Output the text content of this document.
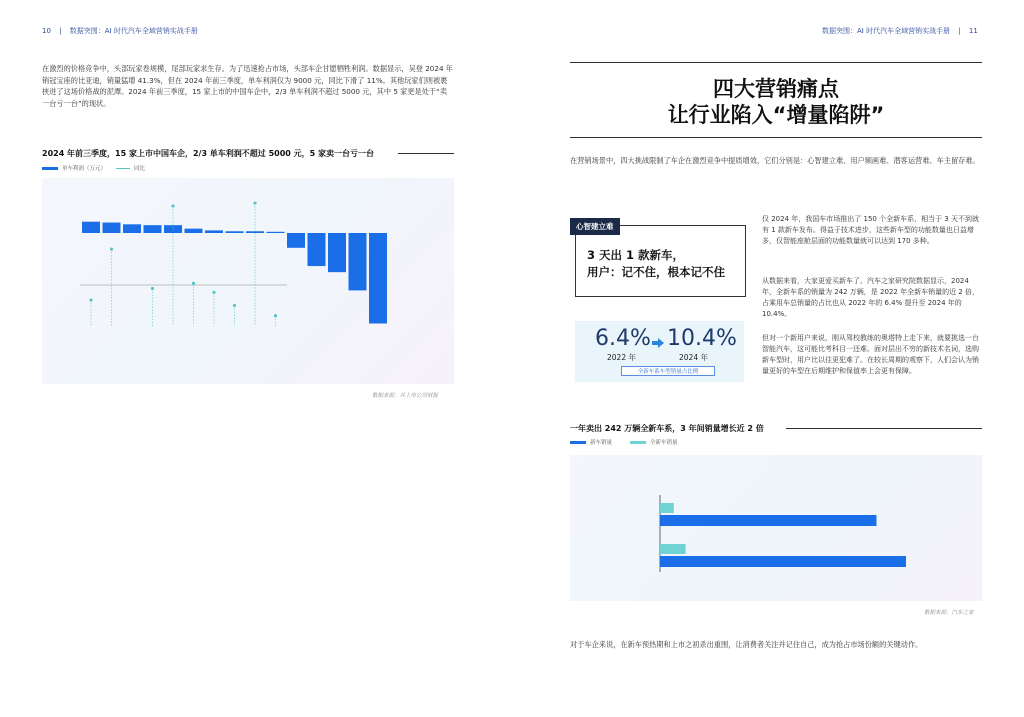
10 | 数据突围：AI 时代汽车全域营销实战手册
在激烈的价格竞争中，头部玩家卷规模，尾部玩家求生存。为了迅速抢占市场，头部车企甘愿牺牲利润。数据显示，吴登 2024 年销冠宝座的比亚迪，销量猛增 41.3%，但在 2024 年前三季度，单车利润仅为 9000 元，同比下滑了 11%。其他玩家们则被裹挟进了这场价格战的泥潭。2024 年前三季度，15 家上市的中国车企中，2/3 单车利润不超过 5000 元，其中 5 家更是处于“卖一台亏一台”的现状。
2024 年前三季度，15 家上市中国车企，2/3 单车利润不超过 5000 元，5 家卖一台亏一台
单车利润（万元）	同比
数据来源：共上市公司财报
数据突围：AI 时代汽车全域营销实战手册 | 11
四大营销痛点
让行业陷入“增量陷阱”
在营销场景中，四大挑战限制了车企在激烈竞争中提质增效，它们分别是：心智建立难、用户频画难、潜客运营难、车主留存难。
心智建立难
3 天出 1 款新车，
用户：记不住，根本记不住
6.4% 10.4%
2022 年	2024 年
全新车系车型销量占比例
仅 2024 年，我国车市场推出了 150 个全新车系，相当于 3 天不到就有 1 款新车发布。得益于技术进步，这些新车型的功能数量也日益增多，仅智能座舱层面的功能数量就可以达到 170 多种。
从数据来看，大家更爱买新车了。汽车之家研究院数据显示，2024 年，全新车系的销量为 242 万辆，是 2022 年全新车销量的近 2 倍，占乘用车总销量的占比也从 2022 年的 6.4% 提升至 2024 年的 10.4%。
但对一个新用户来说，刚从驾校教练的奥塔特上走下来，就要挑选一台智能汽车，这可能比考科目一还难。面对层出不穷的新技术名词，选购新车型时，用户比以往更犯难了。在较长周期的观察下，人们会认为销量更好的车型在后期维护和保值率上会更有保障。
一年卖出 242 万辆全新车系，3 年间销量增长近 2 倍
新车销量	全新车销量
数据来源：汽车之家
对于车企来说，在新车预热期和上市之初杀出重围，让消费者关注并记住自己，成为抢占市场份额的关键动作。
